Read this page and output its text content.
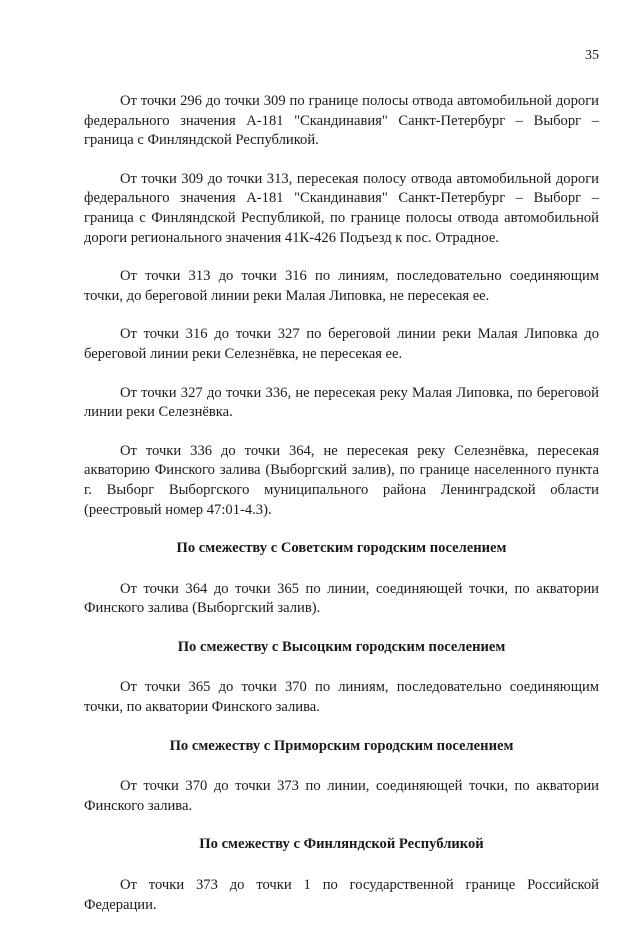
35

От точки 296 до точки 309 по границе полосы отвода автомобильной дороги федерального значения А-181 "Скандинавия" Санкт-Петербург – Выборг – граница с Финляндской Республикой.

От точки 309 до точки 313, пересекая полосу отвода автомобильной дороги федерального значения А-181 "Скандинавия" Санкт-Петербург – Выборг – граница с Финляндской Республикой, по границе полосы отвода автомобильной дороги регионального значения 41К-426 Подъезд к пос. Отрадное.

От точки 313 до точки 316 по линиям, последовательно соединяющим точки, до береговой линии реки Малая Липовка, не пересекая ее.

От точки 316 до точки 327 по береговой линии реки Малая Липовка до береговой линии реки Селезнёвка, не пересекая ее.

От точки 327 до точки 336, не пересекая реку Малая Липовка, по береговой линии реки Селезнёвка.

От точки 336 до точки 364, не пересекая реку Селезнёвка, пересекая акваторию Финского залива (Выборгский залив), по границе населенного пункта г. Выборг Выборгского муниципального района Ленинградской области (реестровый номер 47:01-4.3).

По смежеству с Советским городским поселением

От точки 364 до точки 365 по линии, соединяющей точки, по акватории Финского залива (Выборгский залив).

По смежеству с Высоцким городским поселением

От точки 365 до точки 370 по линиям, последовательно соединяющим точки, по акватории Финского залива.

По смежеству с Приморским городским поселением

От точки 370 до точки 373 по линии, соединяющей точки, по акватории Финского залива.

По смежеству с Финляндской Республикой

От точки 373 до точки 1 по государственной границе Российской Федерации.
